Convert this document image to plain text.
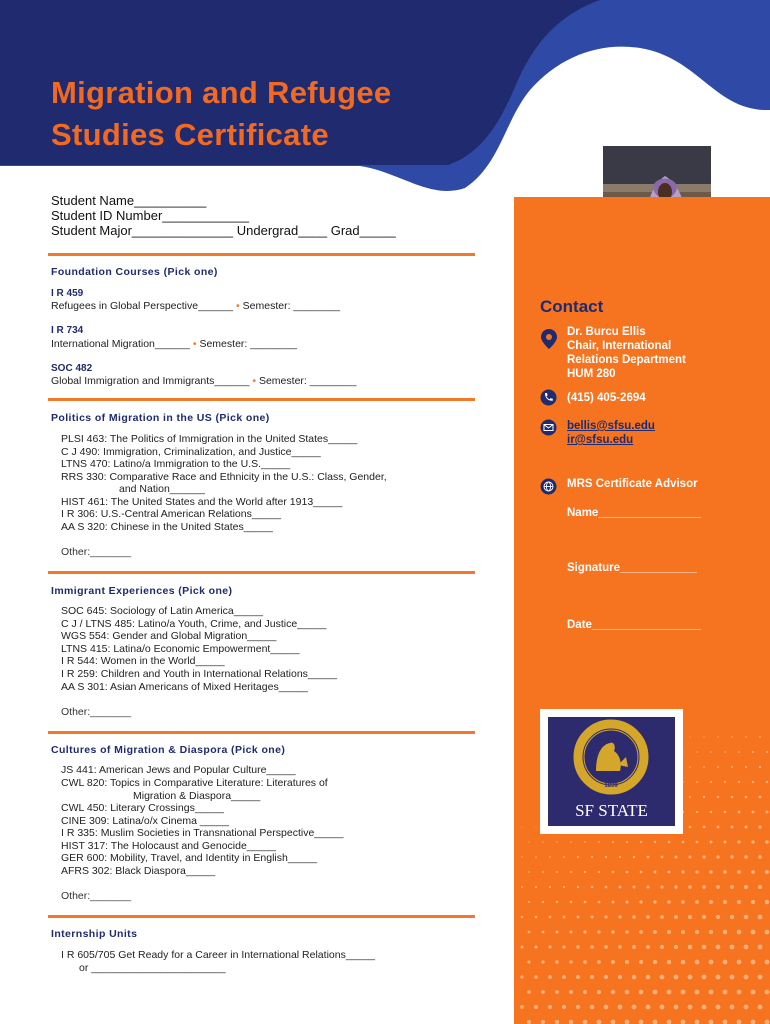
Migration and Refugee
Studies Certificate
Student Name__________
Student ID Number____________
Student Major______________ Undergrad____ Grad_____
Foundation Courses (Pick one)
I R 459
Refugees in Global Perspective______ • Semester: ________
I R 734
International Migration______ • Semester: ________
SOC 482
Global Immigration and Immigrants______ • Semester: ________
Politics of Migration in the US (Pick one)
PLSI 463: The Politics of Immigration in the United States_____
C J 490: Immigration, Criminalization, and Justice_____
LTNS 470: Latino/a Immigration to the U.S._____
RRS 330: Comparative Race and Ethnicity in the U.S.: Class, Gender,
and Nation______
HIST 461: The United States and the World after 1913_____
I R 306: U.S.-Central American Relations_____
AA S 320: Chinese in the United States_____
Other:_______
Immigrant Experiences (Pick one)
SOC 645: Sociology of Latin America_____
C J / LTNS 485: Latino/a Youth, Crime, and Justice_____
WGS 554: Gender and Global Migration_____
LTNS 415: Latina/o Economic Empowerment_____
I R 544: Women in the World_____
I R 259: Children and Youth in International Relations_____
AA S 301: Asian Americans of Mixed Heritages_____
Other:_______
Cultures of Migration & Diaspora (Pick one)
JS 441: American Jews and Popular Culture_____
CWL 820: Topics in Comparative Literature: Literatures of
Migration & Diaspora_____
CWL 450: Literary Crossings_____
CINE 309: Latina/o/x Cinema _____
I R 335: Muslim Societies in Transnational Perspective_____
HIST 317: The Holocaust and Genocide_____
GER 600: Mobility, Travel, and Identity in English_____
AFRS 302: Black Diaspora_____
Other:_______
Internship Units
I R 605/705 Get Ready for a Career in International Relations_____
or _______________________
Contact
Dr. Burcu Ellis
Chair, International
Relations Department
HUM 280
(415) 405-2694
bellis@sfsu.edu
ir@sfsu.edu
MRS Certificate Advisor
Name________________
Signature____________
Date_________________
1899
SF STATE
